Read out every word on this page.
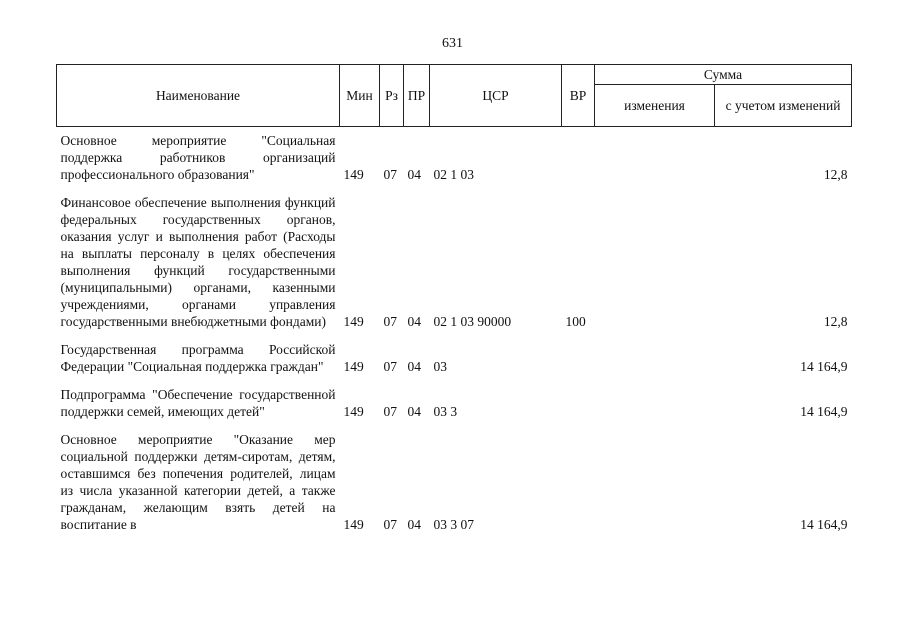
631
Наименование	Мин	Рз	ПР	ЦСР	ВР	Сумма	
						изменения	с учетом изменений
Основное мероприятие "Социальная поддержка работников организаций профессионального образования"	149	07	04	02 1 03			12,8
Финансовое обеспечение выполнения функций федеральных государственных органов, оказания услуг и выполнения работ (Расходы на выплаты персоналу в целях обеспечения выполнения функций государственными (муниципальными) органами, казенными учреждениями, органами управления государственными внебюджетными фондами)	149	07	04	02 1 03 90000	100		12,8
Государственная программа Российской Федерации "Социальная поддержка граждан"	149	07	04	03			14 164,9
Подпрограмма "Обеспечение государственной поддержки семей, имеющих детей"	149	07	04	03 3			14 164,9
Основное мероприятие "Оказание мер социальной поддержки детям-сиротам, детям, оставшимся без попечения родителей, лицам из числа указанной категории детей, а также гражданам, желающим взять детей на воспитание в	149	07	04	03 3 07			14 164,9
